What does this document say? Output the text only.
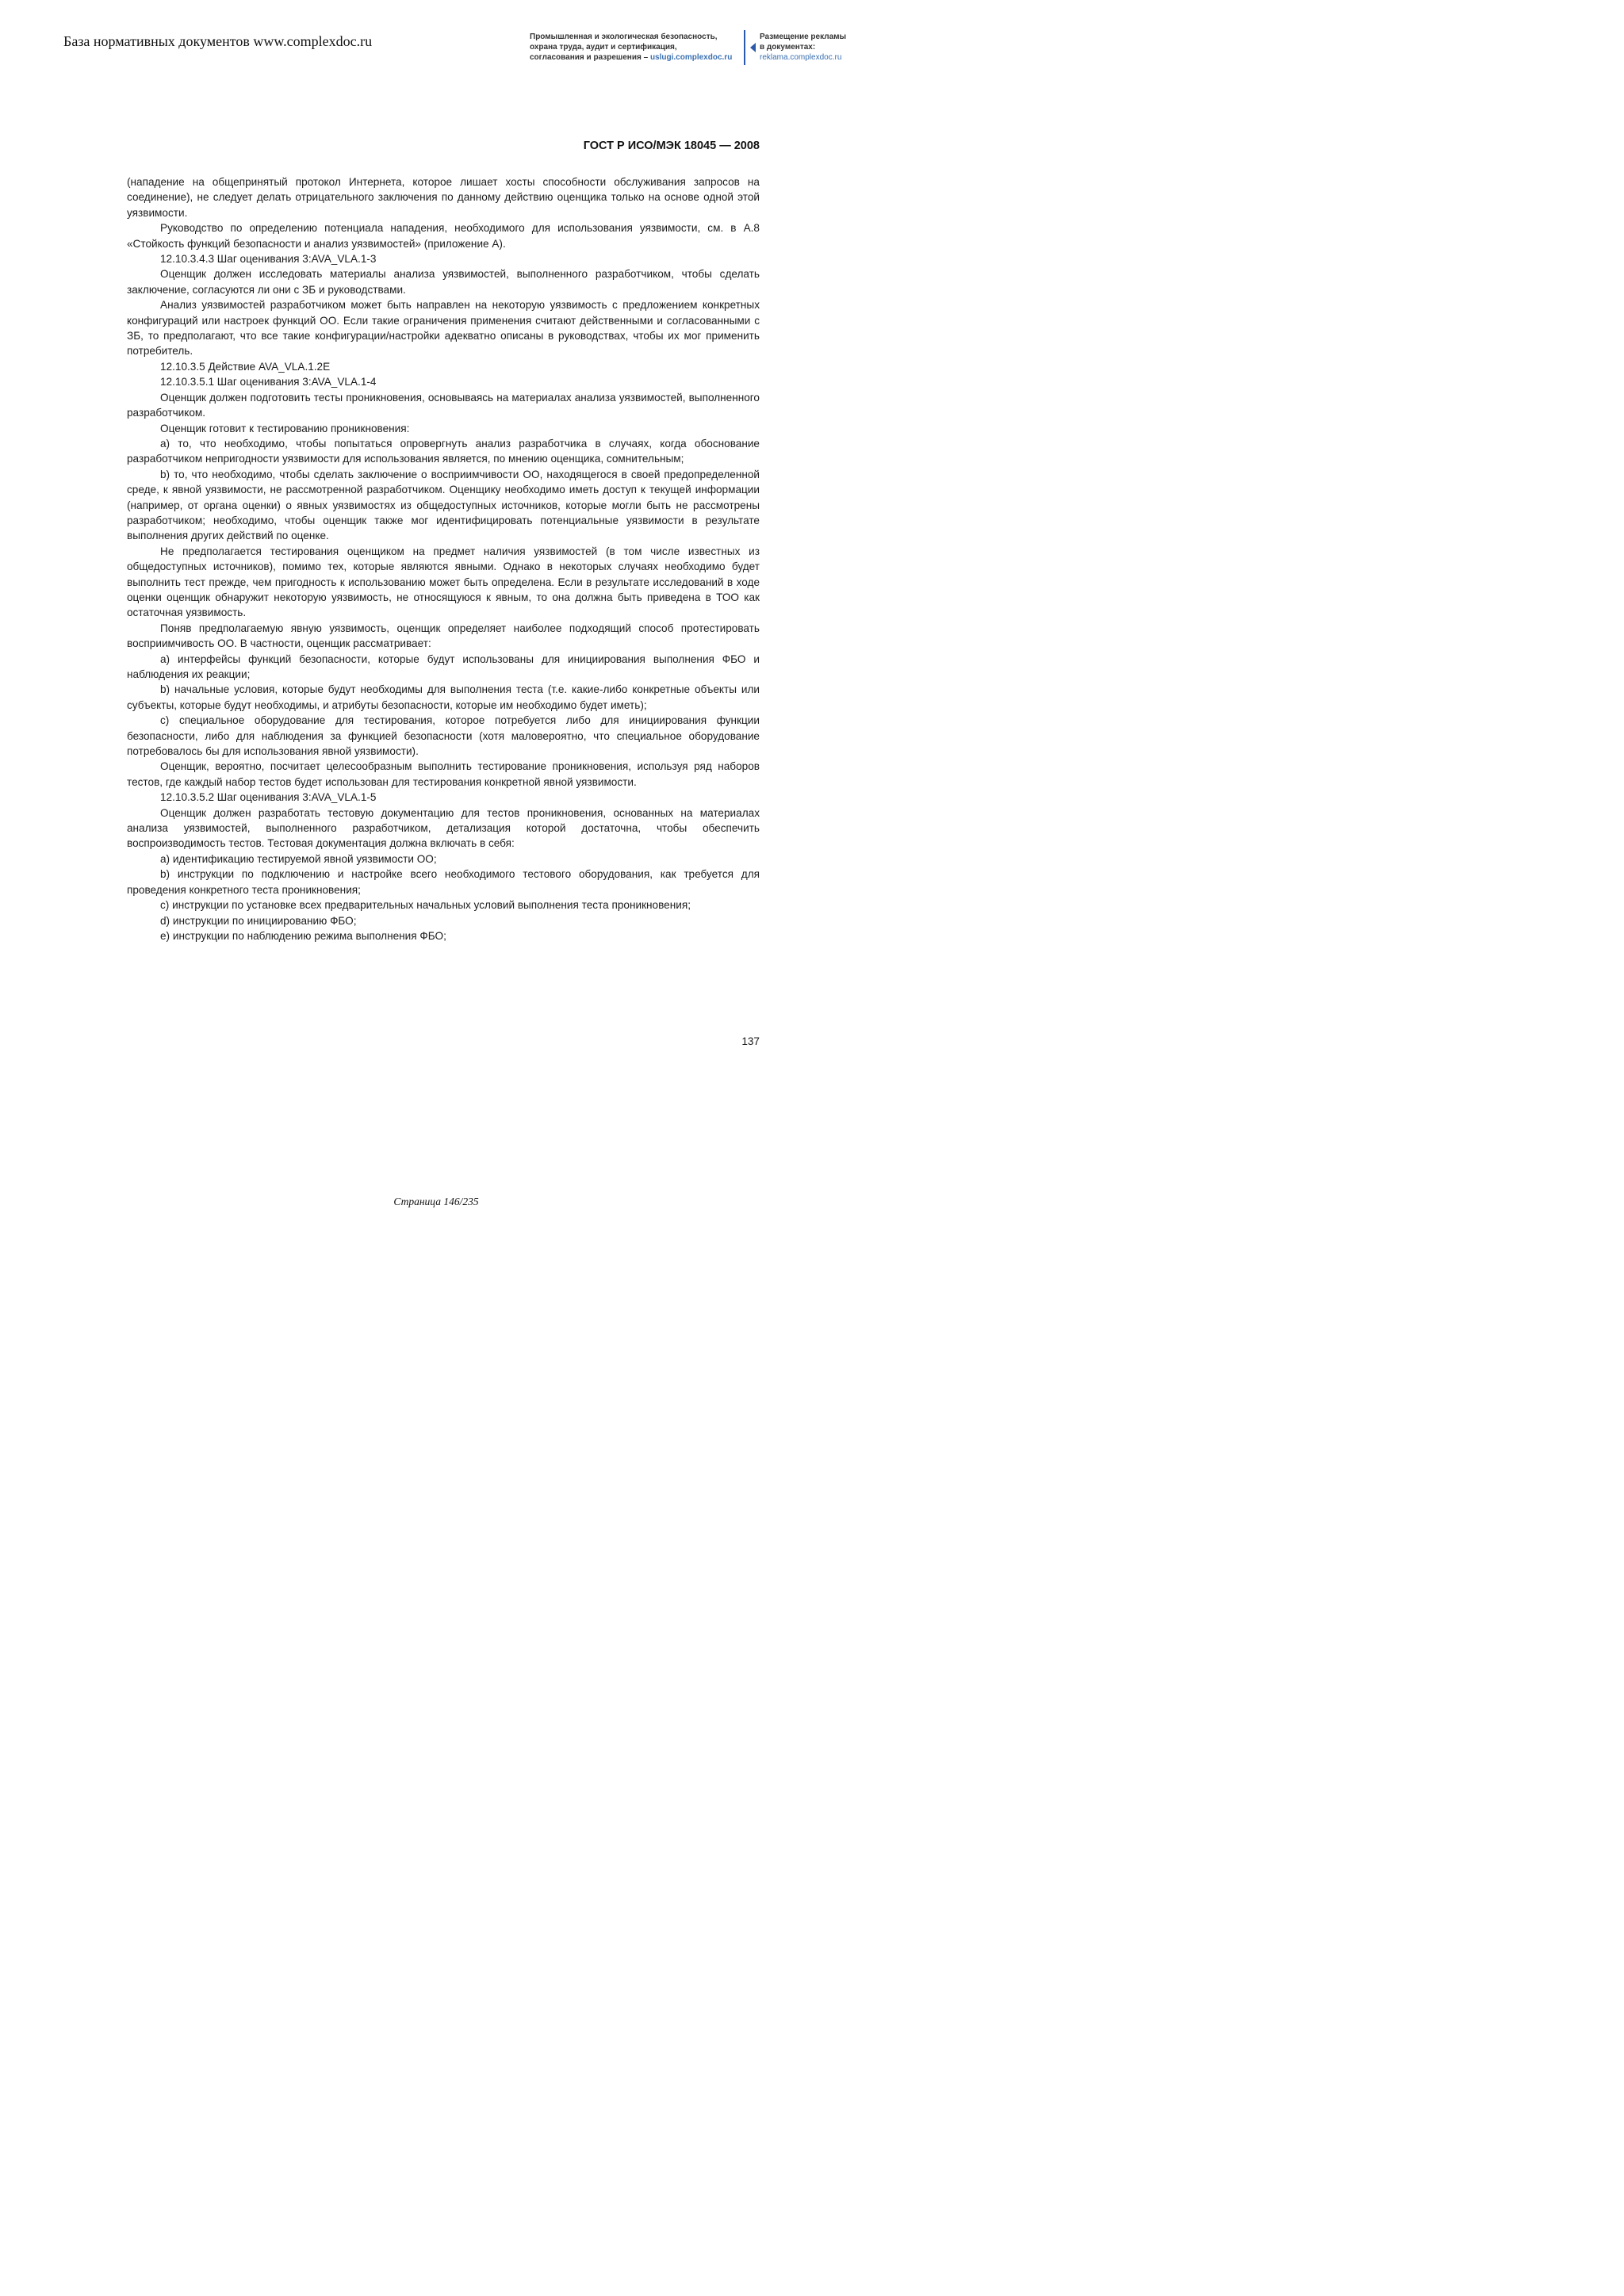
База нормативных документов www.complexdoc.ru	Промышленная и экологическая безопасность,
охрана труда, аудит и сертификация,
согласования и разрешения – uslugi.complexdoc.ru
Размещение рекламы
в документах:
reklama.complexdoc.ru
ГОСТ Р ИСО/МЭК 18045 — 2008

(нападение на общепринятый протокол Интернета, которое лишает хосты способности обслуживания запросов на соединение), не следует делать отрицательного заключения по данному действию оценщика только на основе одной этой уязвимости.

Руководство по определению потенциала нападения, необходимого для использования уязвимости, см. в А.8 «Стойкость функций безопасности и анализ уязвимостей» (приложение А).

12.10.3.4.3 Шаг оценивания 3:AVA_VLA.1-3

Оценщик должен исследовать материалы анализа уязвимостей, выполненного разработчиком, чтобы сделать заключение, согласуются ли они с ЗБ и руководствами.

Анализ уязвимостей разработчиком может быть направлен на некоторую уязвимость с предложением конкретных конфигураций или настроек функций ОО. Если такие ограничения применения считают действенными и согласованными с ЗБ, то предполагают, что все такие конфигурации/настройки адекватно описаны в руководствах, чтобы их мог применить потребитель.

12.10.3.5 Действие AVA_VLA.1.2E

12.10.3.5.1 Шаг оценивания 3:AVA_VLA.1-4

Оценщик должен подготовить тесты проникновения, основываясь на материалах анализа уязвимостей, выполненного разработчиком.

Оценщик готовит к тестированию проникновения:

а) то, что необходимо, чтобы попытаться опровергнуть анализ разработчика в случаях, когда обоснование разработчиком непригодности уязвимости для использования является, по мнению оценщика, сомнительным;

b) то, что необходимо, чтобы сделать заключение о восприимчивости ОО, находящегося в своей предопределенной среде, к явной уязвимости, не рассмотренной разработчиком. Оценщику необходимо иметь доступ к текущей информации (например, от органа оценки) о явных уязвимостях из общедоступных источников, которые могли быть не рассмотрены разработчиком; необходимо, чтобы оценщик также мог идентифицировать потенциальные уязвимости в результате выполнения других действий по оценке.

Не предполагается тестирования оценщиком на предмет наличия уязвимостей (в том числе известных из общедоступных источников), помимо тех, которые являются явными. Однако в некоторых случаях необходимо будет выполнить тест прежде, чем пригодность к использованию может быть определена. Если в результате исследований в ходе оценки оценщик обнаружит некоторую уязвимость, не относящуюся к явным, то она должна быть приведена в ТОО как остаточная уязвимость.

Поняв предполагаемую явную уязвимость, оценщик определяет наиболее подходящий способ протестировать восприимчивость ОО. В частности, оценщик рассматривает:

а) интерфейсы функций безопасности, которые будут использованы для инициирования выполнения ФБО и наблюдения их реакции;

b) начальные условия, которые будут необходимы для выполнения теста (т.е. какие-либо конкретные объекты или субъекты, которые будут необходимы, и атрибуты безопасности, которые им необходимо будет иметь);

с) специальное оборудование для тестирования, которое потребуется либо для инициирования функции безопасности, либо для наблюдения за функцией безопасности (хотя маловероятно, что специальное оборудование потребовалось бы для использования явной уязвимости).

Оценщик, вероятно, посчитает целесообразным выполнить тестирование проникновения, используя ряд наборов тестов, где каждый набор тестов будет использован для тестирования конкретной явной уязвимости.

12.10.3.5.2 Шаг оценивания 3:AVA_VLA.1-5

Оценщик должен разработать тестовую документацию для тестов проникновения, основанных на материалах анализа уязвимостей, выполненного разработчиком, детализация которой достаточна, чтобы обеспечить воспроизводимость тестов. Тестовая документация должна включать в себя:

а) идентификацию тестируемой явной уязвимости ОО;

b) инструкции по подключению и настройке всего необходимого тестового оборудования, как требуется для проведения конкретного теста проникновения;

с) инструкции по установке всех предварительных начальных условий выполнения теста проникновения;

d) инструкции по инициированию ФБО;

е) инструкции по наблюдению режима выполнения ФБО;

137
Страница 146/235
